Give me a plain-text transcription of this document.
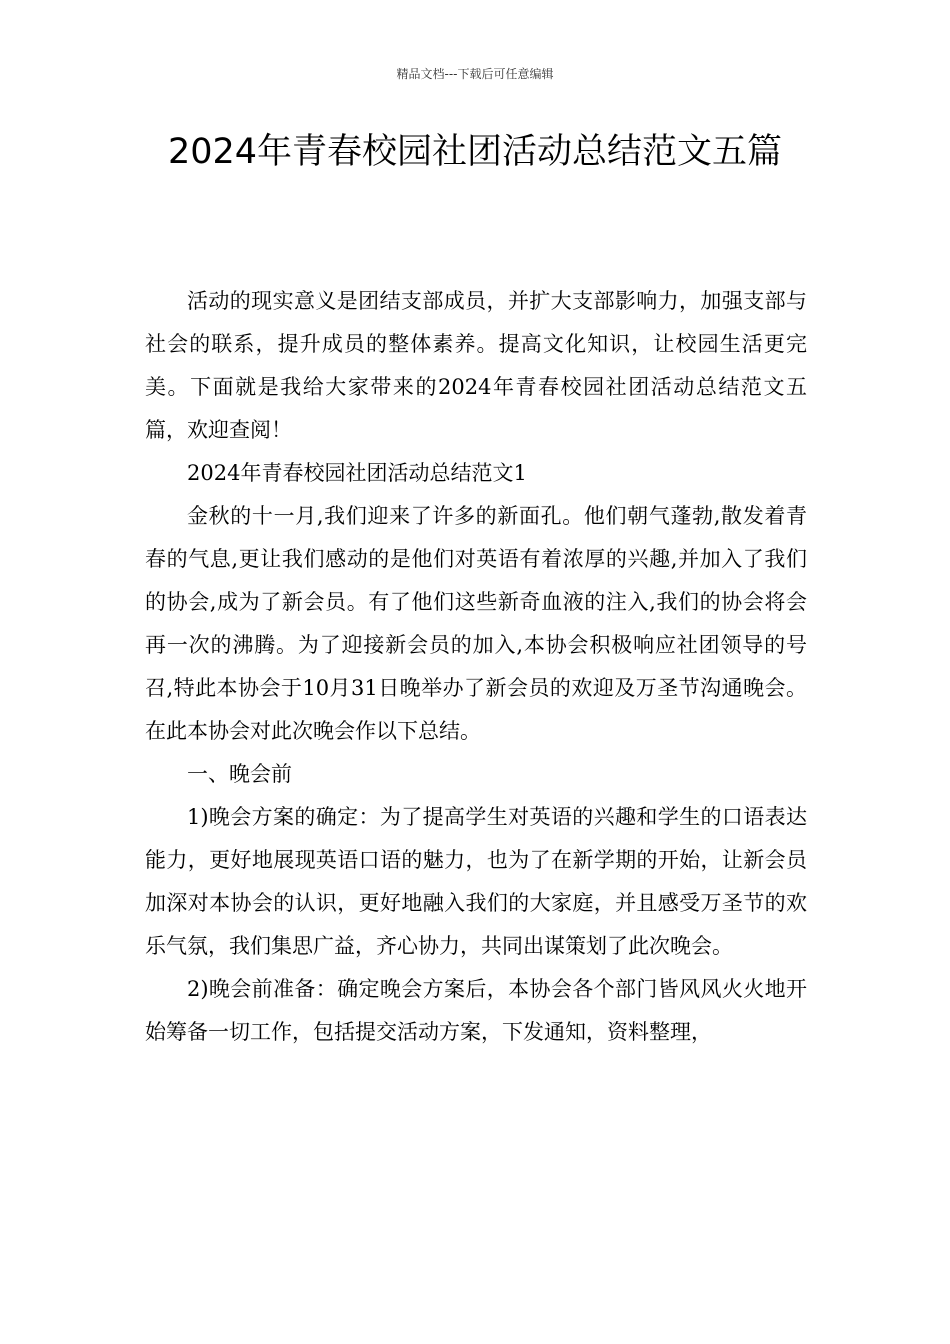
精品文档---下载后可任意编辑
2024年青春校园社团活动总结范文五篇

活动的现实意义是团结支部成员，并扩大支部影响力，加强支部与社会的联系，提升成员的整体素养。提高文化知识，让校园生活更完美。下面就是我给大家带来的2024年青春校园社团活动总结范文五篇，欢迎查阅！

2024年青春校园社团活动总结范文1

金秋的十一月,我们迎来了许多的新面孔。他们朝气蓬勃,散发着青春的气息,更让我们感动的是他们对英语有着浓厚的兴趣,并加入了我们的协会,成为了新会员。有了他们这些新奇血液的注入,我们的协会将会再一次的沸腾。为了迎接新会员的加入,本协会积极响应社团领导的号召,特此本协会于10月31日晚举办了新会员的欢迎及万圣节沟通晚会。在此本协会对此次晚会作以下总结。

一、晚会前

1)晚会方案的确定：为了提高学生对英语的兴趣和学生的口语表达能力，更好地展现英语口语的魅力，也为了在新学期的开始，让新会员加深对本协会的认识，更好地融入我们的大家庭，并且感受万圣节的欢乐气氛，我们集思广益，齐心协力，共同出谋策划了此次晚会。

2)晚会前准备：确定晚会方案后，本协会各个部门皆风风火火地开始筹备一切工作，包括提交活动方案，下发通知，资料整理，
